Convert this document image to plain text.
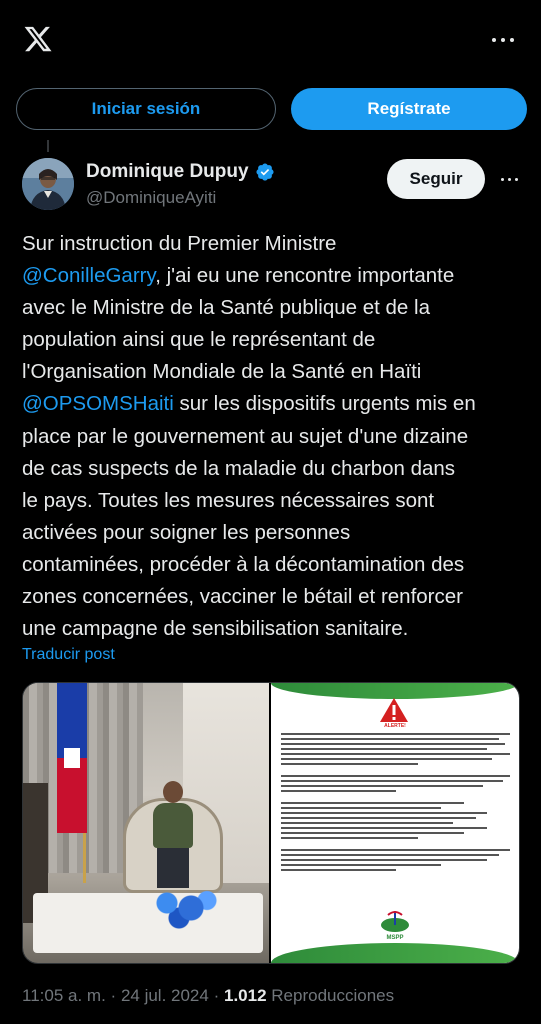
Iniciar sesión	Regístrate
Dominique Dupuy
@DominiqueAyiti
Seguir
Sur instruction du Premier Ministre
@ConilleGarry, j'ai eu une rencontre importante
avec le Ministre de la Santé publique et de la
population ainsi que le représentant de
l'Organisation Mondiale de la Santé en Haïti
@OPSOMSHaiti sur les dispositifs urgents mis en
place par le gouvernement au sujet d'une dizaine
de cas suspects de la maladie du charbon dans
le pays. Toutes les mesures nécessaires sont
activées pour soigner les personnes
contaminées, procéder à la décontamination des
zones concernées, vacciner le bétail et renforcer
une campagne de sensibilisation sanitaire.
Traducir post
ALERTE!
MSPP
11:05 a. m. · 24 jul. 2024 · 1.012 Reproducciones
